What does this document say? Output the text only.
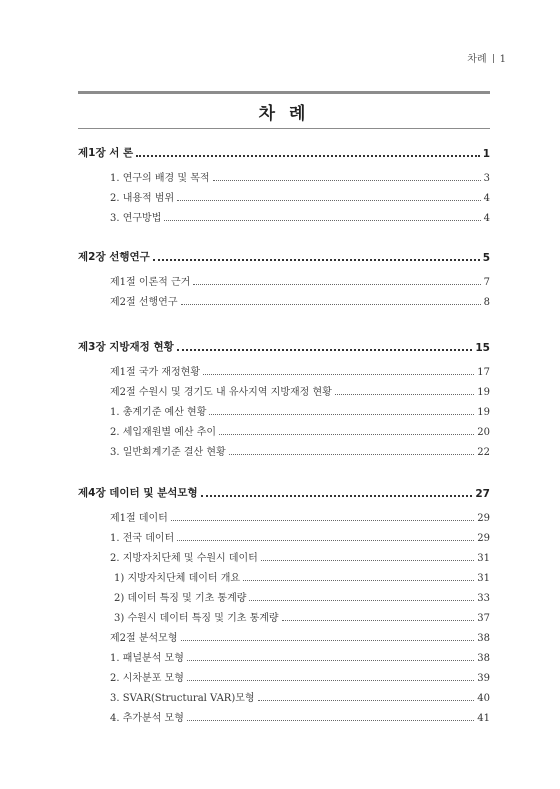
차례 1
차 례
제1장 서 론	1
1. 연구의 배경 및 목적	3
2. 내용적 범위	4
3. 연구방법	4
제2장 선행연구	5
제1절 이론적 근거	7
제2절 선행연구	8
제3장 지방재정 현황	15
제1절 국가 재정현황	17
제2절 수원시 및 경기도 내 유사지역 지방재정 현황	19
1. 총계기준 예산 현황	19
2. 세입재원별 예산 추이	20
3. 일반회계기준 결산 현황	22
제4장 데이터 및 분석모형	27
제1절 데이터	29
1. 전국 데이터	29
2. 지방자치단체 및 수원시 데이터	31
1) 지방자치단체 데이터 개요	31
2) 데이터 특징 및 기초 통계량	33
3) 수원시 데이터 특징 및 기초 통계량	37
제2절 분석모형	38
1. 패널분석 모형	38
2. 시차분포 모형	39
3. SVAR(Structural VAR)모형	40
4. 추가분석 모형	41
